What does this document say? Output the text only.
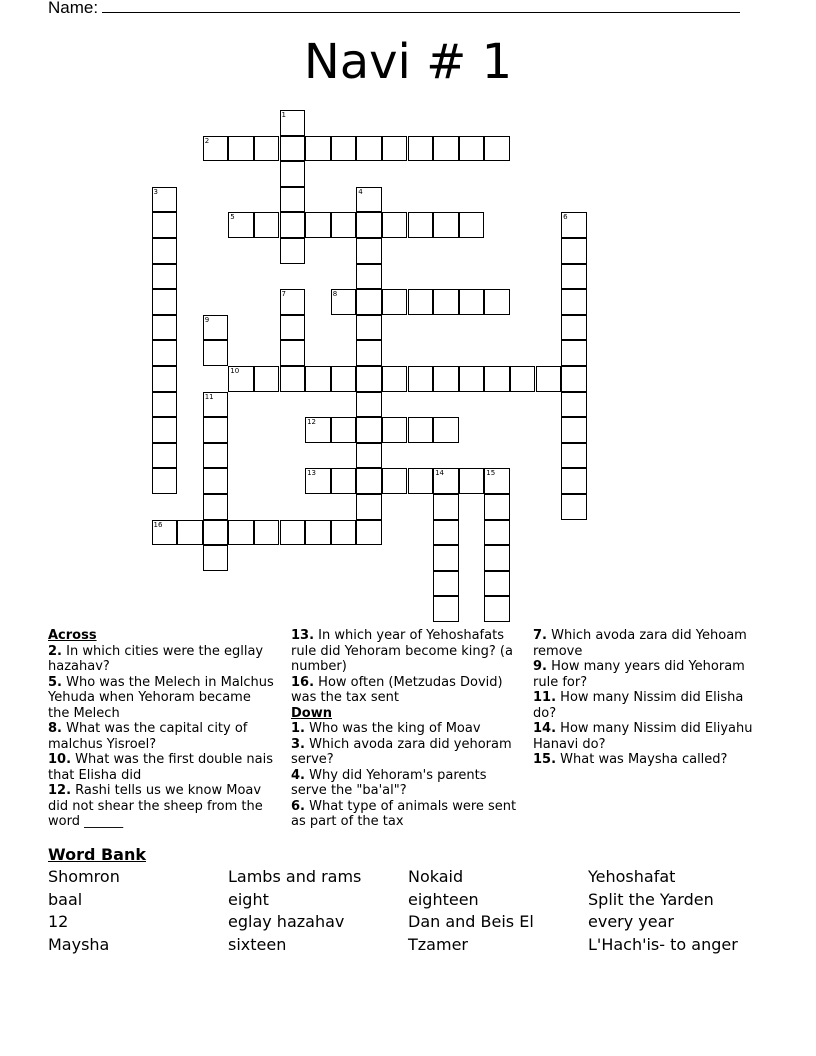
Name:
Navi # 1
1
2
3	4
5	6
7	8
9
10
11
12
13	14	15
16
Across

2. In which cities were the egllay hazahav?

5. Who was the Melech in Malchus Yehuda when Yehoram became the Melech

8. What was the capital city of malchus Yisroel?

10. What was the first double nais that Elisha did

12. Rashi tells us we know Moav did not shear the sheep from the word ______

13. In which year of Yehoshafats rule did Yehoram become king? (a number)

16. How often (Metzudas Dovid) was the tax sent

Down

1. Who was the king of Moav

3. Which avoda zara did yehoram serve?

4. Why did Yehoram's parents serve the "ba'al"?

6. What type of animals were sent as part of the tax

7. Which avoda zara did Yehoam remove

9. How many years did Yehoram rule for?

11. How many Nissim did Elisha do?

14. How many Nissim did Eliyahu Hanavi do?

15. What was Maysha called?

Word Bank
Shomron	Lambs and rams	Nokaid	Yehoshafat
baal	eight	eighteen	Split the Yarden
12	eglay hazahav	Dan and Beis El	every year
Maysha	sixteen	Tzamer	L'Hach'is- to anger
